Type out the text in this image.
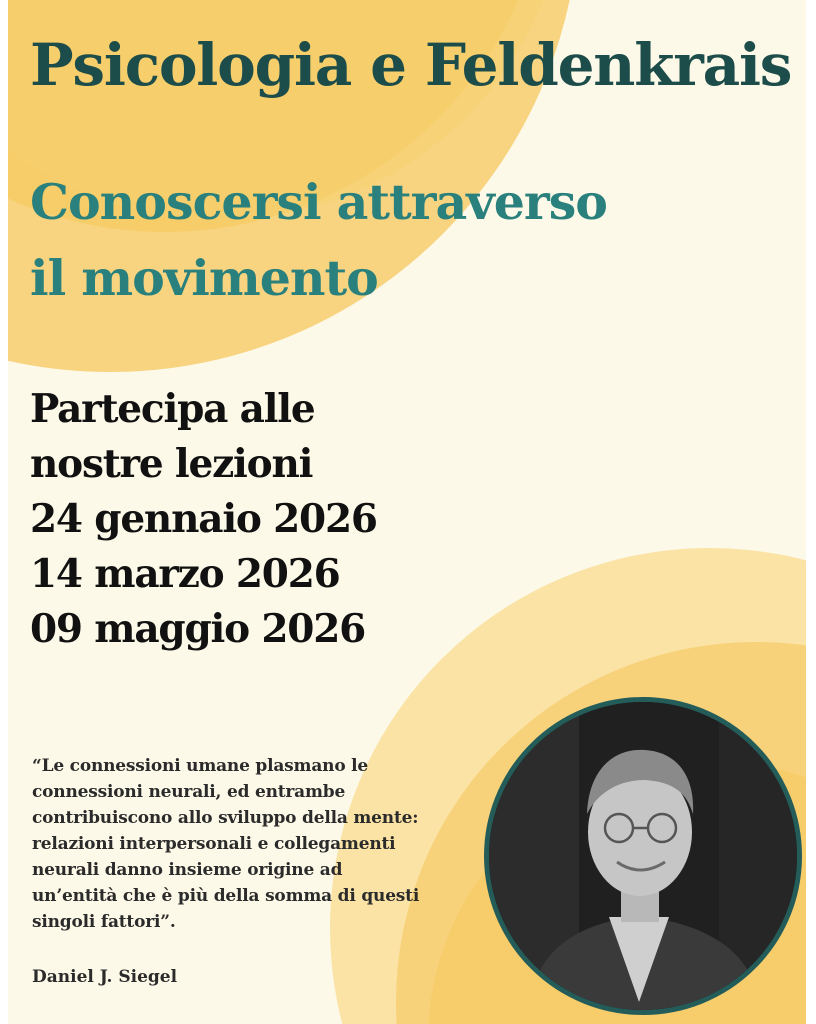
Psicologia e Feldenkrais
Conoscersi attraverso
il movimento
Partecipa alle
nostre lezioni
24 gennaio 2026
14 marzo 2026
09 maggio 2026
“Le connessioni umane plasmano le
connessioni neurali, ed entrambe
contribuiscono allo sviluppo della mente:
relazioni interpersonali e collegamenti
neurali danno insieme origine ad
un’entità che è più della somma di questi
singoli fattori”.
Daniel J. Siegel
